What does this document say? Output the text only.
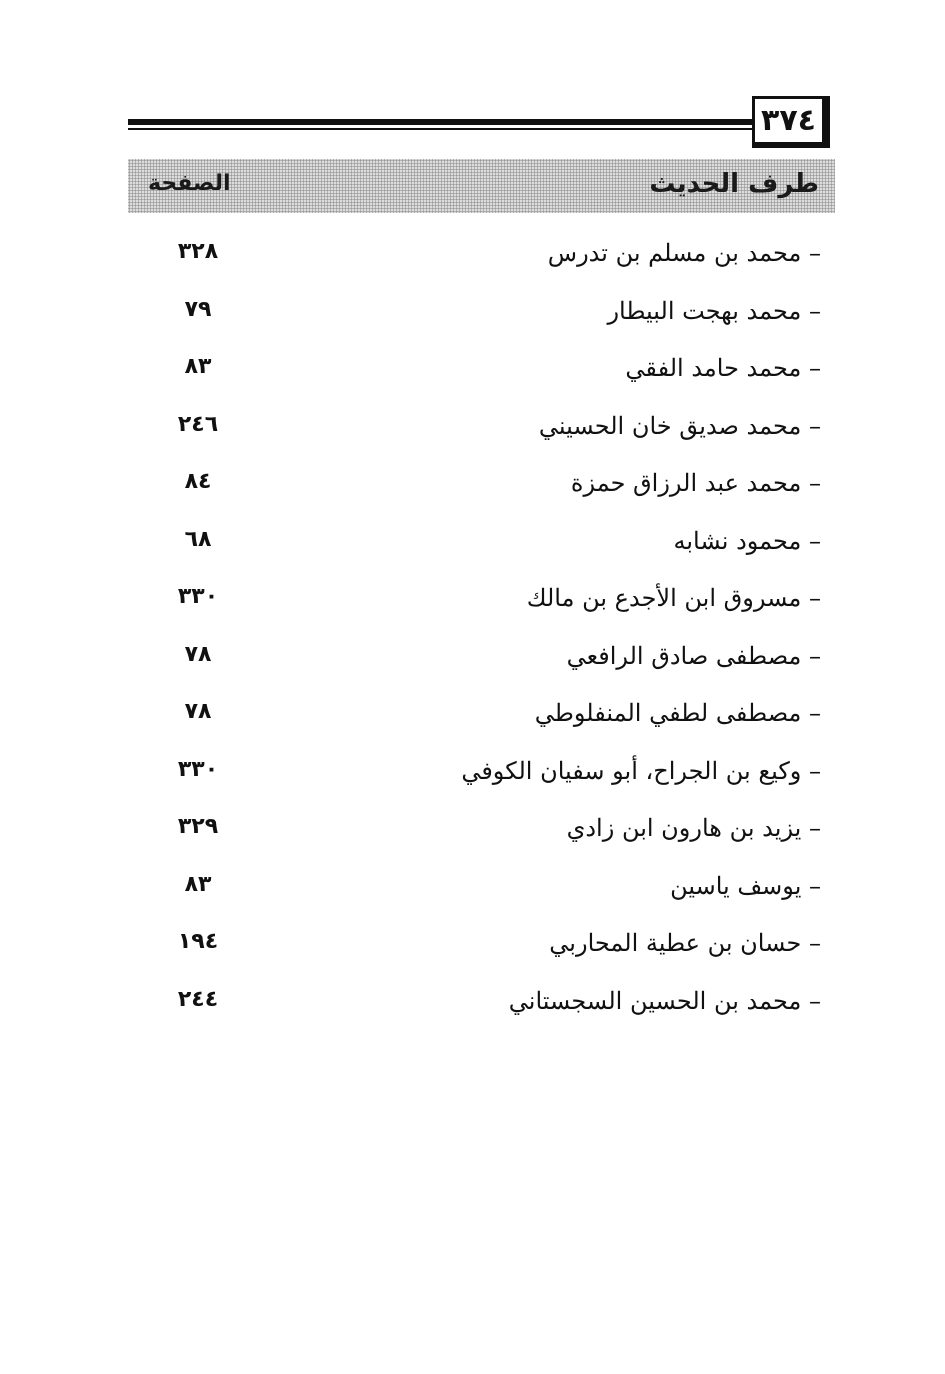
٣٧٤
طرف الحديث
الصفحة
– محمد بن مسلم بن تدرس
٣٢٨
– محمد بهجت البيطار
٧٩
– محمد حامد الفقي
٨٣
– محمد صديق خان الحسيني
٢٤٦
– محمد عبد الرزاق حمزة
٨٤
– محمود نشابه
٦٨
– مسروق ابن الأجدع بن مالك
٣٣٠
– مصطفى صادق الرافعي
٧٨
– مصطفى لطفي المنفلوطي
٧٨
– وكيع بن الجراح، أبو سفيان الكوفي
٣٣٠
– يزيد بن هارون ابن زادي
٣٢٩
– يوسف ياسين
٨٣
– حسان بن عطية المحاربي
١٩٤
– محمد بن الحسين السجستاني
٢٤٤
